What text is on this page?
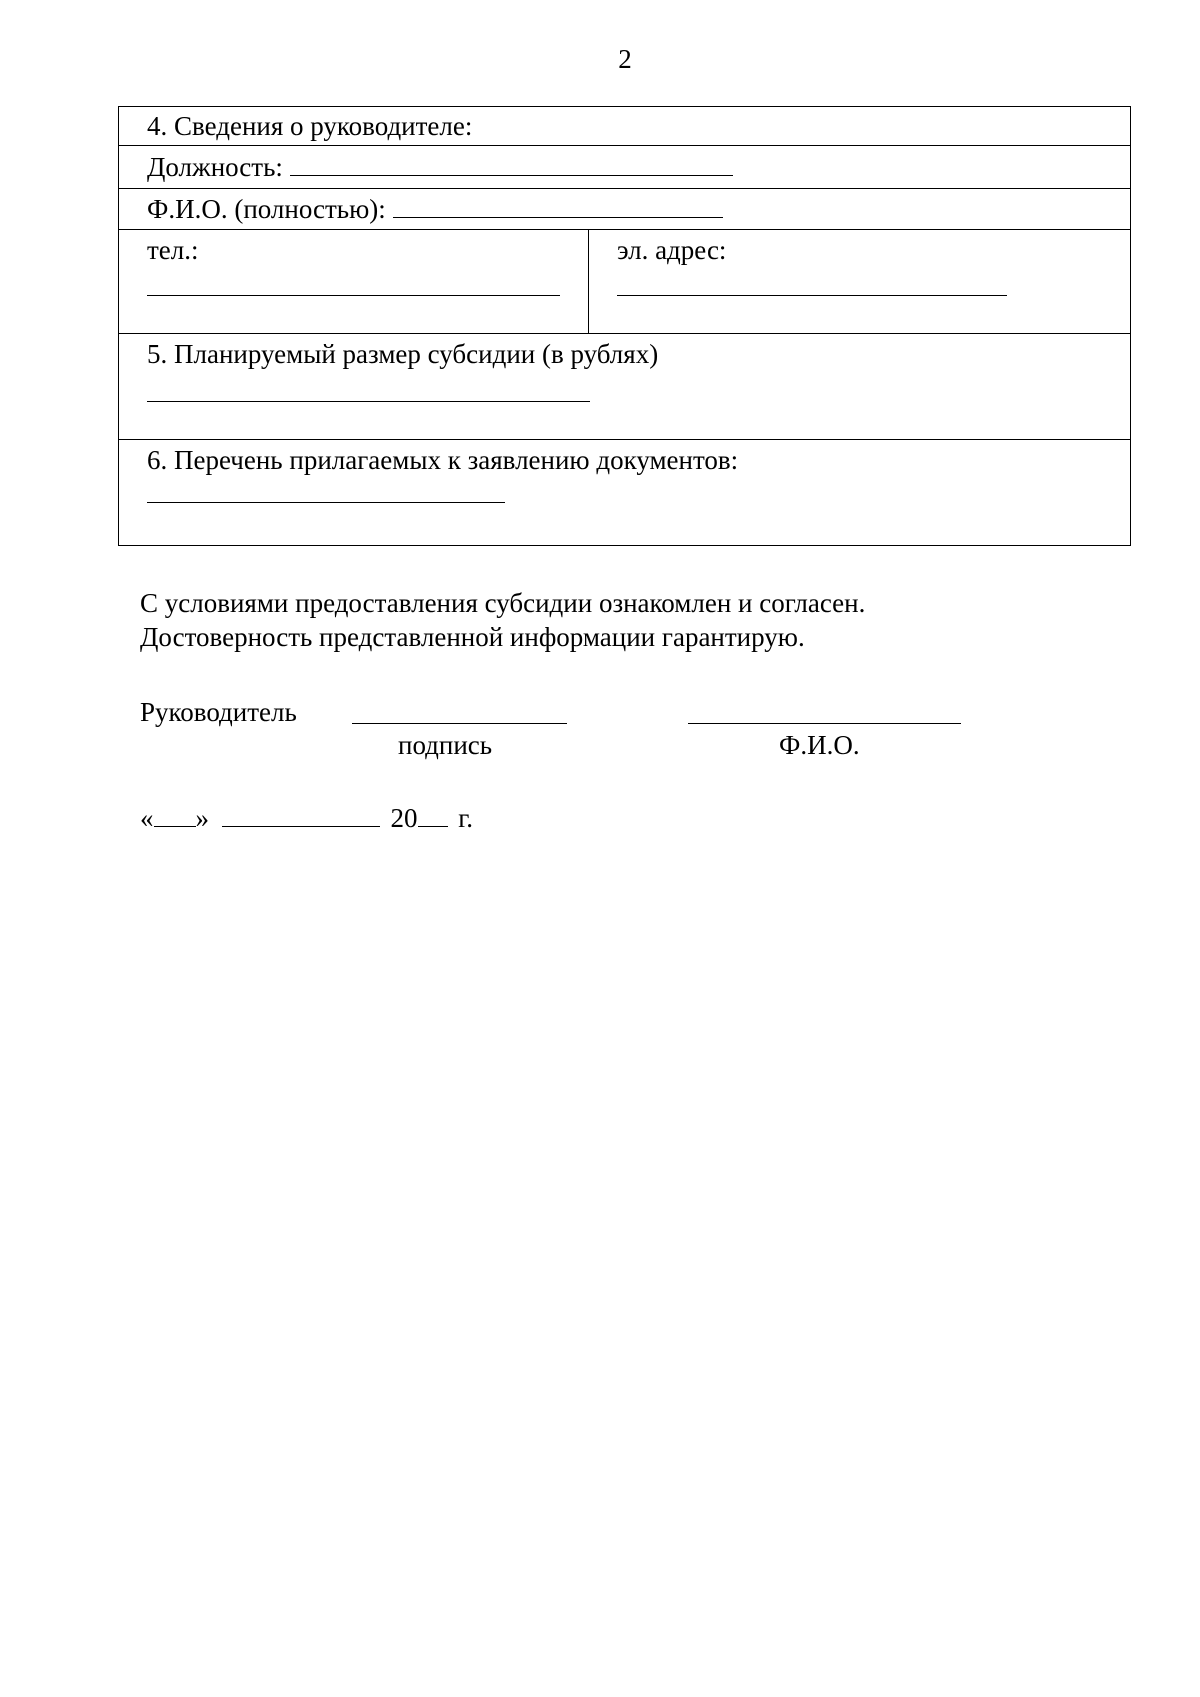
2
4. Сведения о руководителе:
Должность:
Ф.И.О. (полностью):
тел.:	эл. адрес:

5. Планируемый размер субсидии (в рублях)

6. Перечень прилагаемых к заявлению документов:
С условиями предоставления субсидии ознакомлен и согласен.
Достоверность представленной информации гарантирую.
Руководитель
подпись	Ф.И.О.
« »	20 г.
